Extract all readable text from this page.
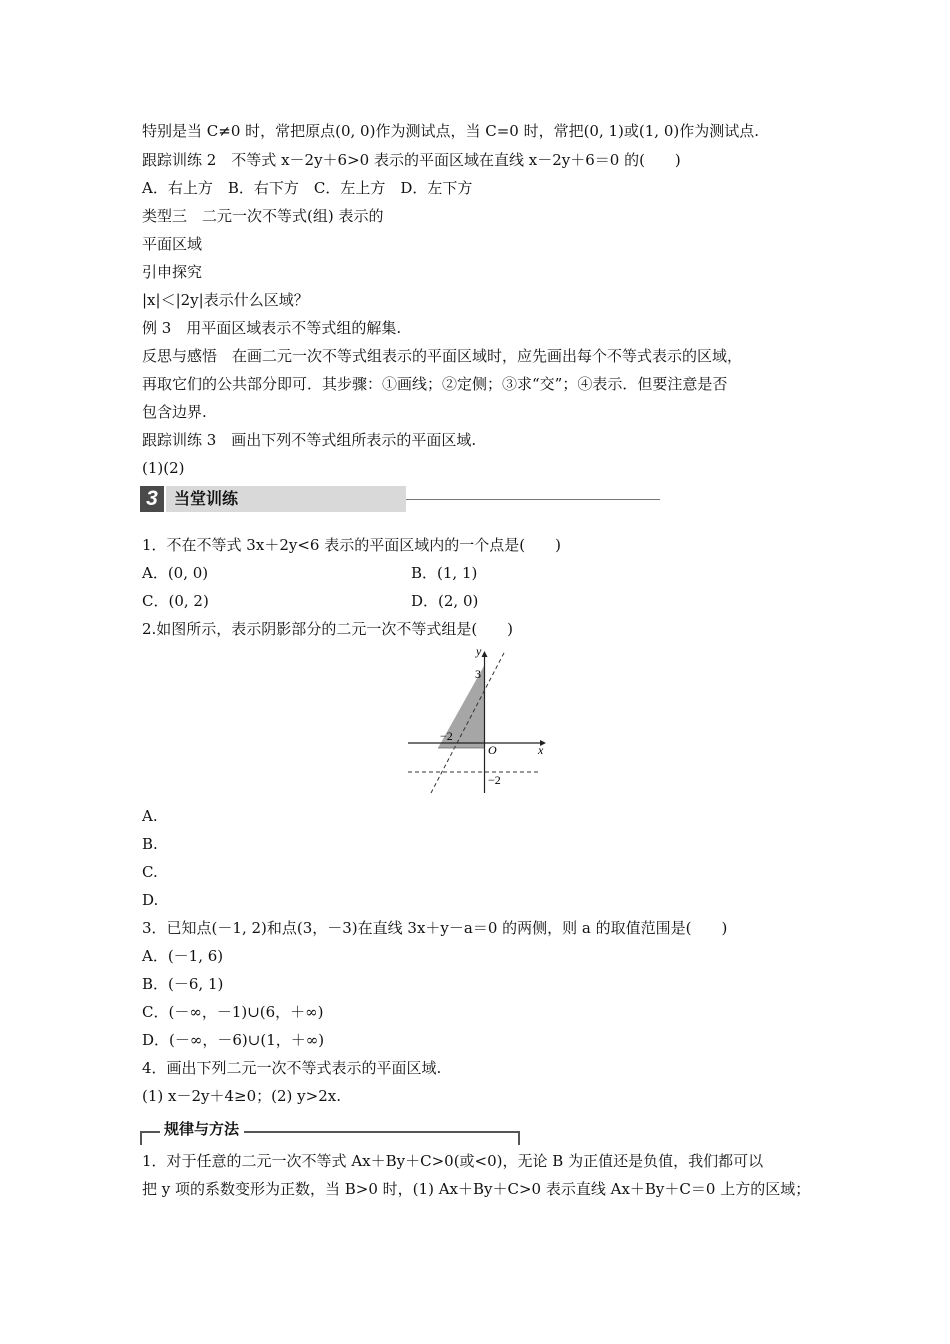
特别是当 C≠0 时，常把原点(0, 0)作为测试点，当 C=0 时，常把(0, 1)或(1, 0)作为测试点.
跟踪训练 2　不等式 x－2y＋6>0 表示的平面区域在直线 x－2y＋6＝0 的(　　)
A．右上方　B．右下方　C．左上方　D．左下方
类型三　二元一次不等式(组) 表示的
平面区域
引申探究
|x|＜|2y|表示什么区域？
例 3　用平面区域表示不等式组的解集.
反思与感悟　在画二元一次不等式组表示的平面区域时，应先画出每个不等式表示的区域，
再取它们的公共部分即可．其步骤：①画线；②定侧；③求“交”；④表示．但要注意是否
包含边界.
跟踪训练 3　画出下列不等式组所表示的平面区域.
(1)(2)
3	当堂训练
1．不在不等式 3x＋2y<6 表示的平面区域内的一个点是(　　)
A．(0, 0)	B．(1, 1)
C．(0, 2)	D．(2, 0)
2.如图所示，表示阴影部分的二元一次不等式组是(　　)
y
x
O
3
−2
−2
A.
B.
C.
D.
3．已知点(－1, 2)和点(3，－3)在直线 3x＋y－a＝0 的两侧，则 a 的取值范围是(　　)
A．(－1, 6)
B．(－6, 1)
C．(－∞，－1)∪(6，＋∞)
D．(－∞，－6)∪(1，＋∞)
4．画出下列二元一次不等式表示的平面区域.
(1) x－2y＋4≥0；(2) y>2x.
规律与方法
1．对于任意的二元一次不等式 Ax＋By＋C>0(或<0)，无论 B 为正值还是负值，我们都可以
把 y 项的系数变形为正数，当 B>0 时，(1) Ax＋By＋C>0 表示直线 Ax＋By＋C＝0 上方的区域；
